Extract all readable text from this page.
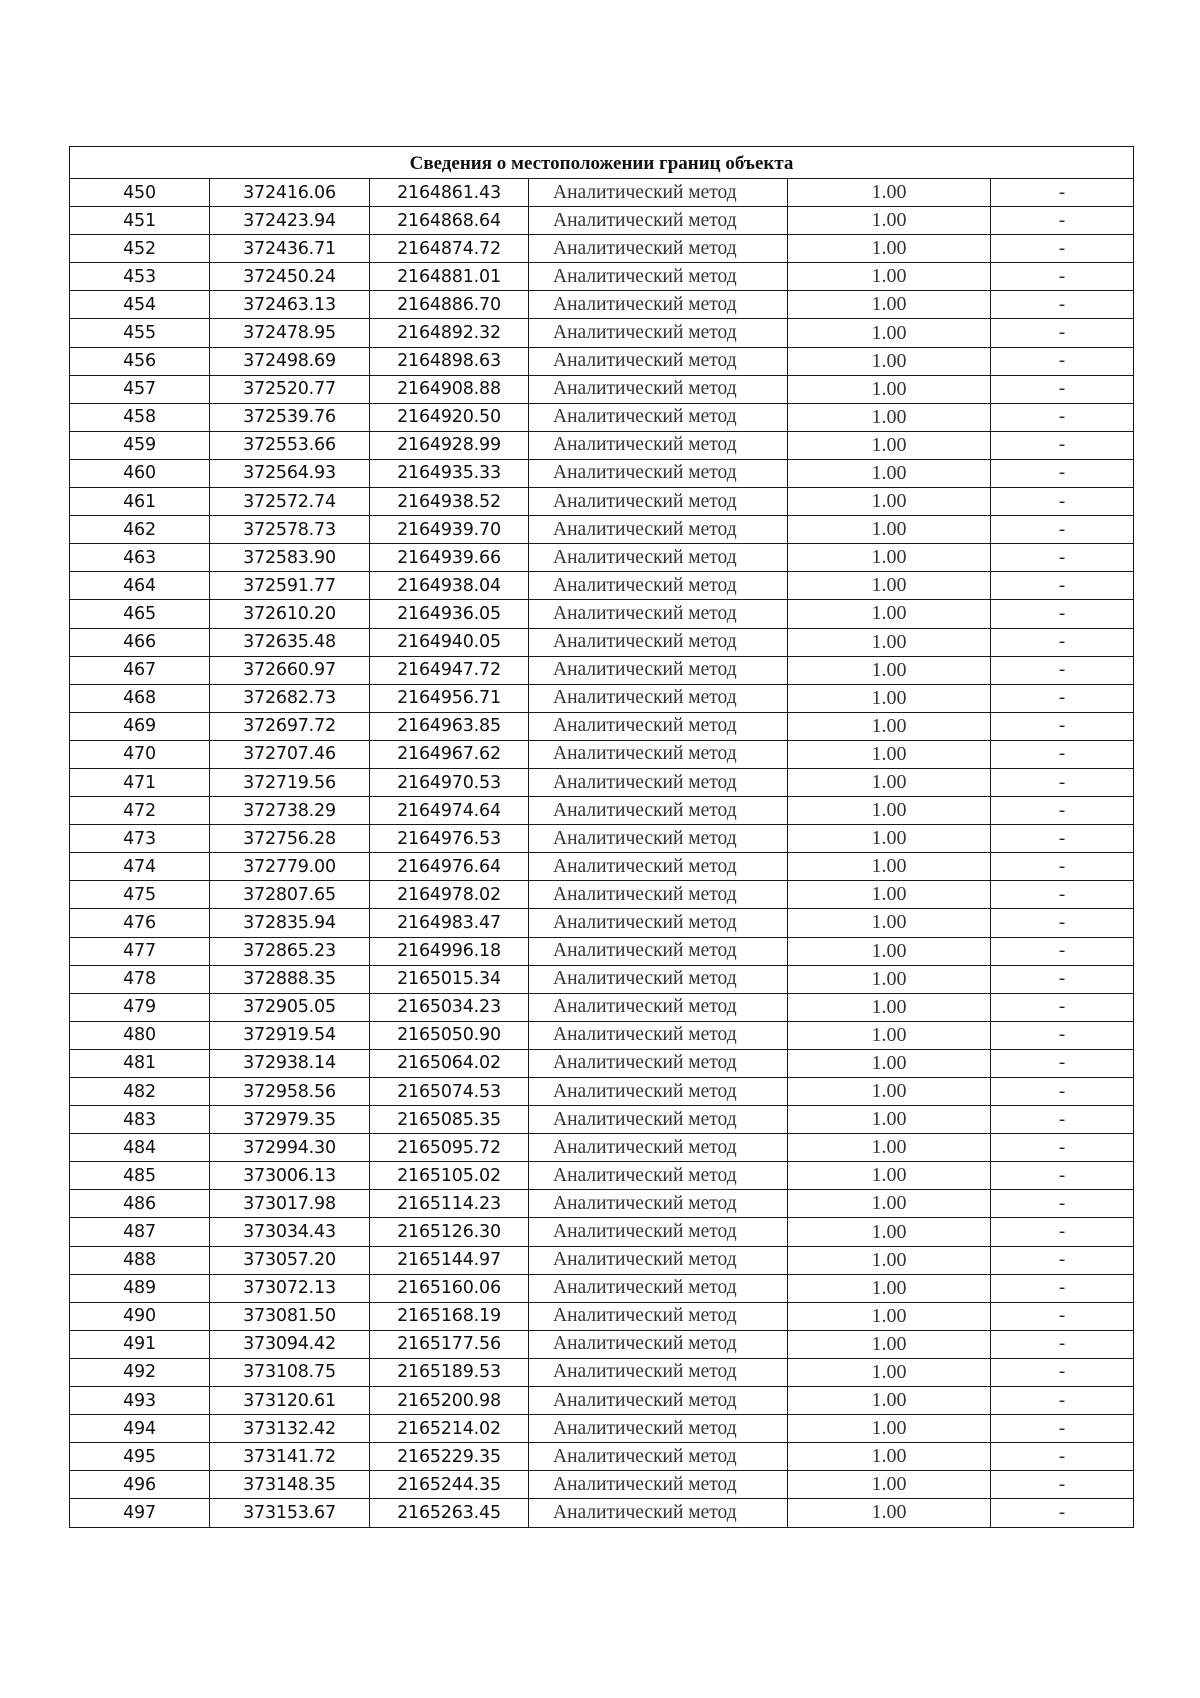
Сведения о местоположении границ объекта					
450	372416.06	2164861.43	Аналитический метод	1.00	-
451	372423.94	2164868.64	Аналитический метод	1.00	-
452	372436.71	2164874.72	Аналитический метод	1.00	-
453	372450.24	2164881.01	Аналитический метод	1.00	-
454	372463.13	2164886.70	Аналитический метод	1.00	-
455	372478.95	2164892.32	Аналитический метод	1.00	-
456	372498.69	2164898.63	Аналитический метод	1.00	-
457	372520.77	2164908.88	Аналитический метод	1.00	-
458	372539.76	2164920.50	Аналитический метод	1.00	-
459	372553.66	2164928.99	Аналитический метод	1.00	-
460	372564.93	2164935.33	Аналитический метод	1.00	-
461	372572.74	2164938.52	Аналитический метод	1.00	-
462	372578.73	2164939.70	Аналитический метод	1.00	-
463	372583.90	2164939.66	Аналитический метод	1.00	-
464	372591.77	2164938.04	Аналитический метод	1.00	-
465	372610.20	2164936.05	Аналитический метод	1.00	-
466	372635.48	2164940.05	Аналитический метод	1.00	-
467	372660.97	2164947.72	Аналитический метод	1.00	-
468	372682.73	2164956.71	Аналитический метод	1.00	-
469	372697.72	2164963.85	Аналитический метод	1.00	-
470	372707.46	2164967.62	Аналитический метод	1.00	-
471	372719.56	2164970.53	Аналитический метод	1.00	-
472	372738.29	2164974.64	Аналитический метод	1.00	-
473	372756.28	2164976.53	Аналитический метод	1.00	-
474	372779.00	2164976.64	Аналитический метод	1.00	-
475	372807.65	2164978.02	Аналитический метод	1.00	-
476	372835.94	2164983.47	Аналитический метод	1.00	-
477	372865.23	2164996.18	Аналитический метод	1.00	-
478	372888.35	2165015.34	Аналитический метод	1.00	-
479	372905.05	2165034.23	Аналитический метод	1.00	-
480	372919.54	2165050.90	Аналитический метод	1.00	-
481	372938.14	2165064.02	Аналитический метод	1.00	-
482	372958.56	2165074.53	Аналитический метод	1.00	-
483	372979.35	2165085.35	Аналитический метод	1.00	-
484	372994.30	2165095.72	Аналитический метод	1.00	-
485	373006.13	2165105.02	Аналитический метод	1.00	-
486	373017.98	2165114.23	Аналитический метод	1.00	-
487	373034.43	2165126.30	Аналитический метод	1.00	-
488	373057.20	2165144.97	Аналитический метод	1.00	-
489	373072.13	2165160.06	Аналитический метод	1.00	-
490	373081.50	2165168.19	Аналитический метод	1.00	-
491	373094.42	2165177.56	Аналитический метод	1.00	-
492	373108.75	2165189.53	Аналитический метод	1.00	-
493	373120.61	2165200.98	Аналитический метод	1.00	-
494	373132.42	2165214.02	Аналитический метод	1.00	-
495	373141.72	2165229.35	Аналитический метод	1.00	-
496	373148.35	2165244.35	Аналитический метод	1.00	-
497	373153.67	2165263.45	Аналитический метод	1.00	-
